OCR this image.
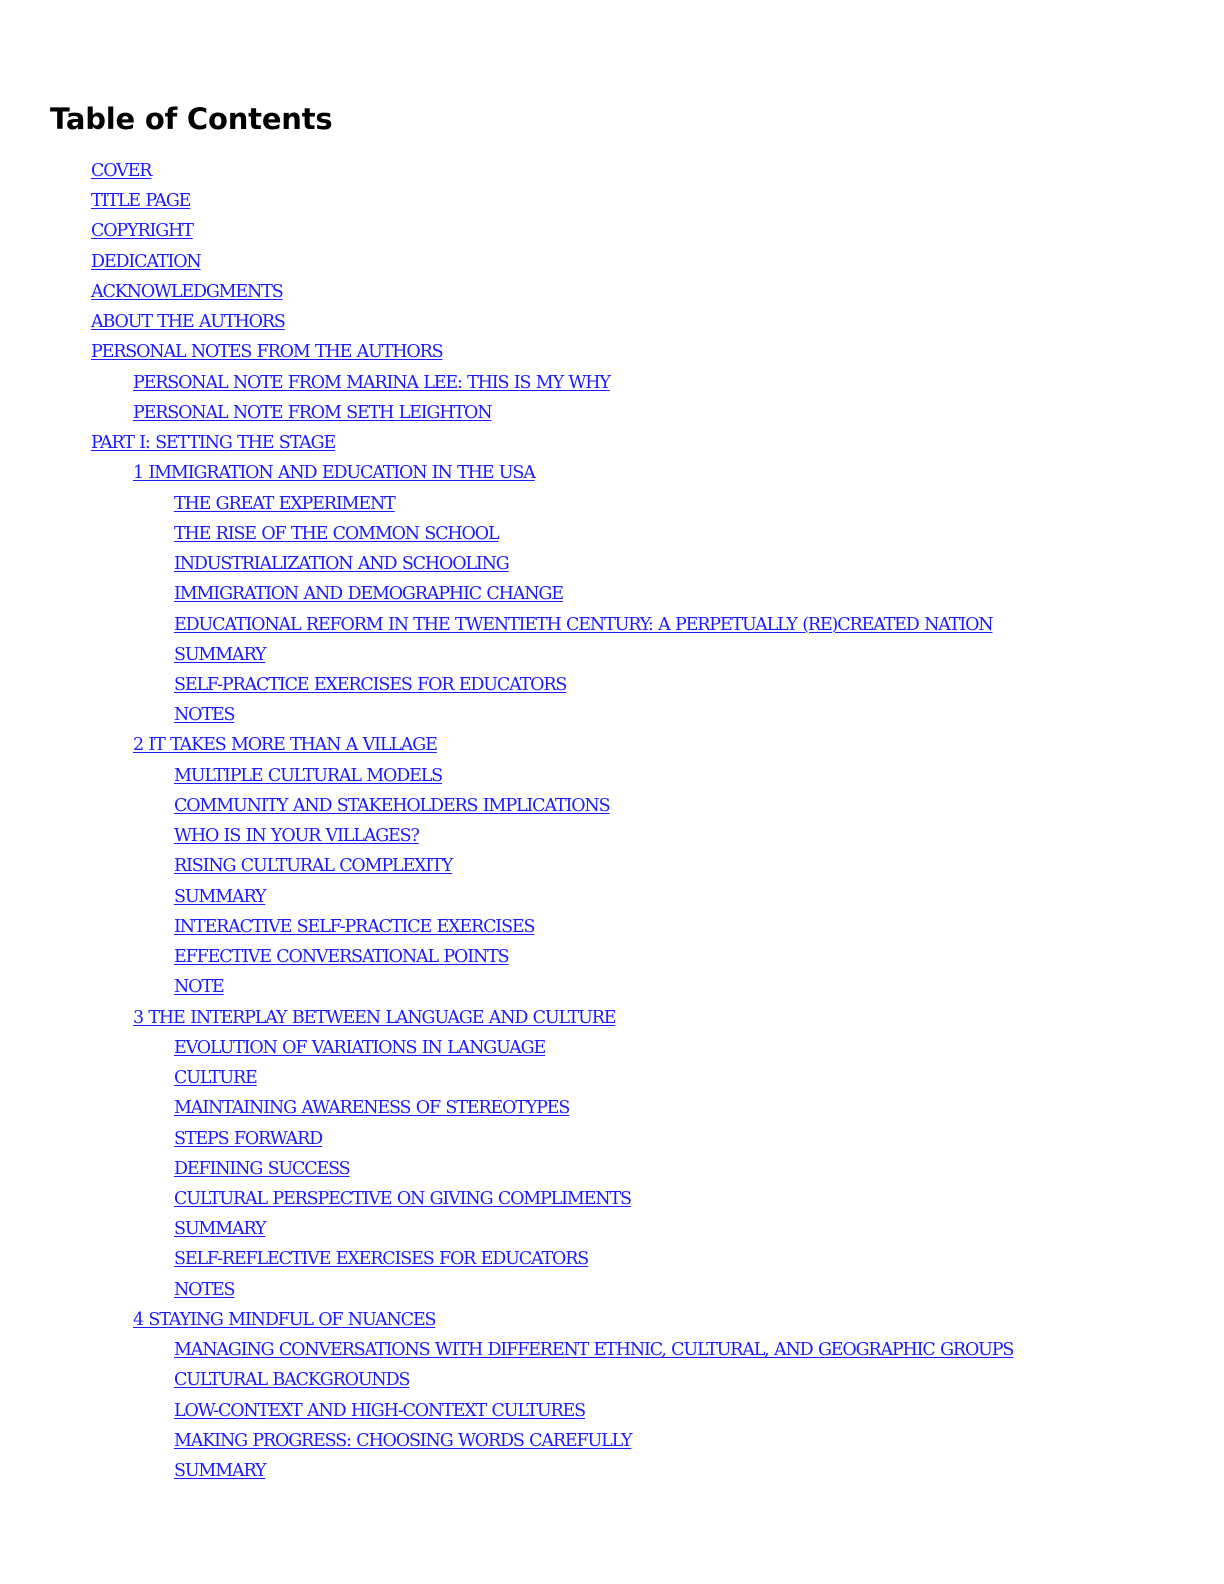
Table of Contents
COVER
TITLE PAGE
COPYRIGHT
DEDICATION
ACKNOWLEDGMENTS
ABOUT THE AUTHORS
PERSONAL NOTES FROM THE AUTHORS
PERSONAL NOTE FROM MARINA LEE: THIS IS MY WHY
PERSONAL NOTE FROM SETH LEIGHTON
PART I: SETTING THE STAGE
1 IMMIGRATION AND EDUCATION IN THE USA
THE GREAT EXPERIMENT
THE RISE OF THE COMMON SCHOOL
INDUSTRIALIZATION AND SCHOOLING
IMMIGRATION AND DEMOGRAPHIC CHANGE
EDUCATIONAL REFORM IN THE TWENTIETH CENTURY: A PERPETUALLY (RE)CREATED NATION
SUMMARY
SELF-PRACTICE EXERCISES FOR EDUCATORS
NOTES
2 IT TAKES MORE THAN A VILLAGE
MULTIPLE CULTURAL MODELS
COMMUNITY AND STAKEHOLDERS IMPLICATIONS
WHO IS IN YOUR VILLAGES?
RISING CULTURAL COMPLEXITY
SUMMARY
INTERACTIVE SELF-PRACTICE EXERCISES
EFFECTIVE CONVERSATIONAL POINTS
NOTE
3 THE INTERPLAY BETWEEN LANGUAGE AND CULTURE
EVOLUTION OF VARIATIONS IN LANGUAGE
CULTURE
MAINTAINING AWARENESS OF STEREOTYPES
STEPS FORWARD
DEFINING SUCCESS
CULTURAL PERSPECTIVE ON GIVING COMPLIMENTS
SUMMARY
SELF-REFLECTIVE EXERCISES FOR EDUCATORS
NOTES
4 STAYING MINDFUL OF NUANCES
MANAGING CONVERSATIONS WITH DIFFERENT ETHNIC, CULTURAL, AND GEOGRAPHIC GROUPS
CULTURAL BACKGROUNDS
LOW-CONTEXT AND HIGH-CONTEXT CULTURES
MAKING PROGRESS: CHOOSING WORDS CAREFULLY
SUMMARY
